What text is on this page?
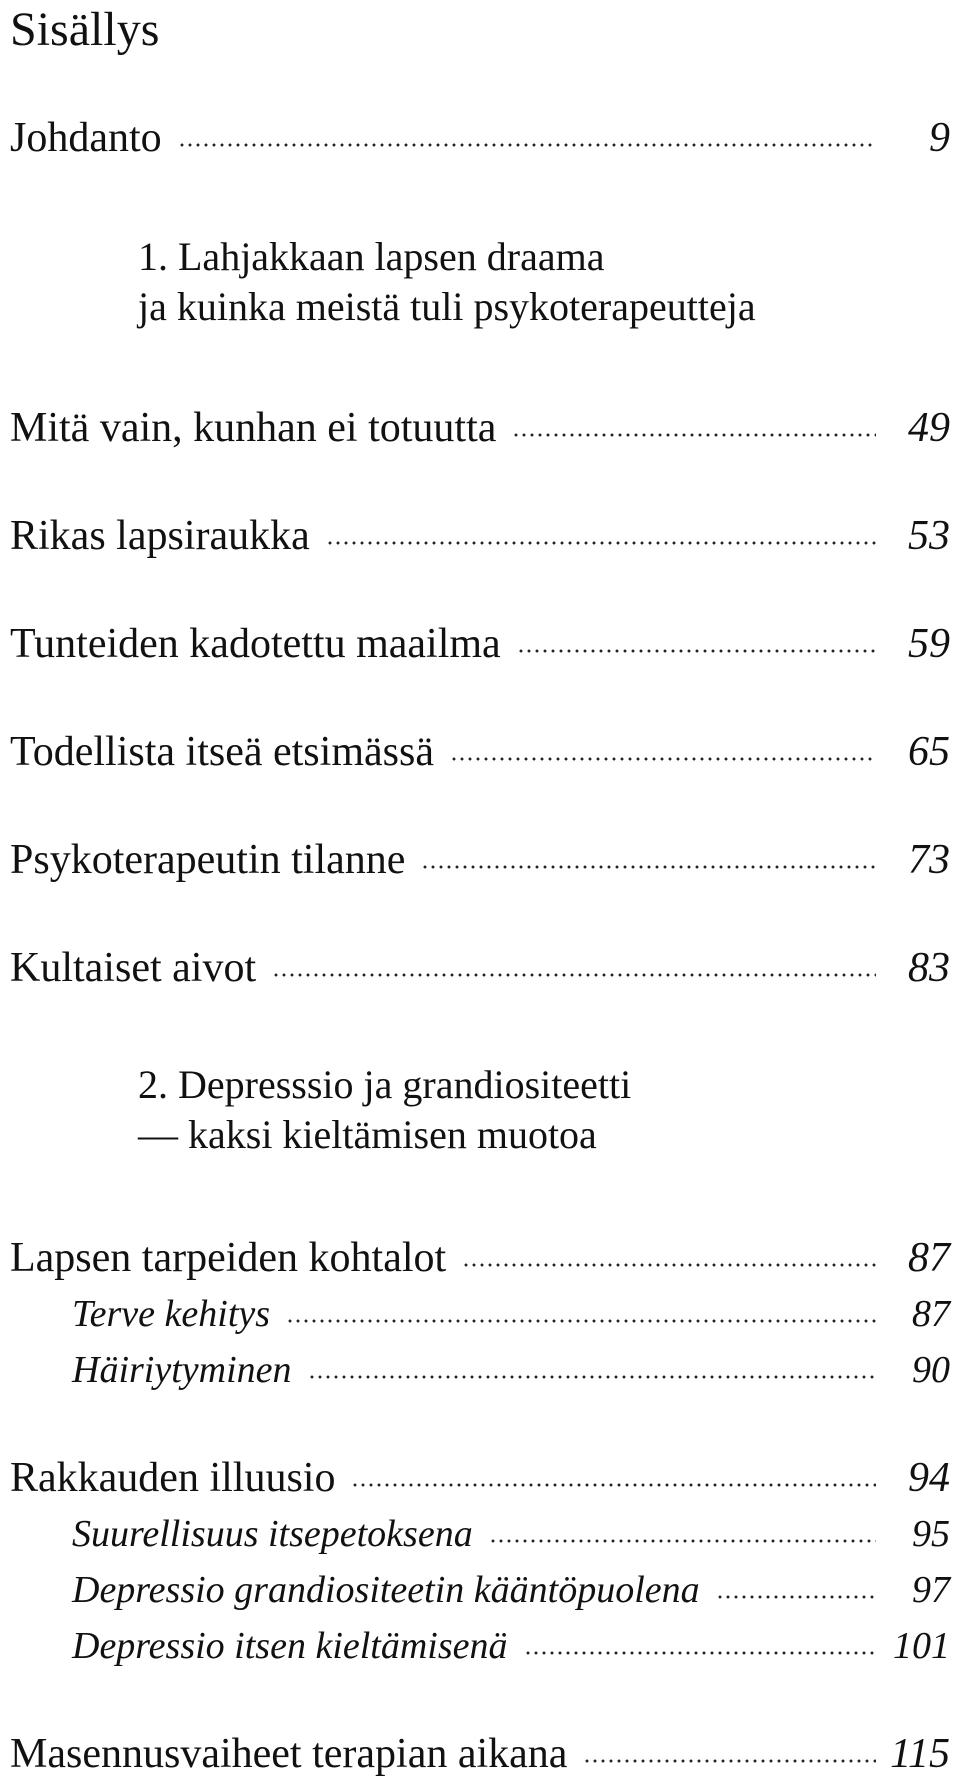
Sisällys
Johdanto	9
1. Lahjakkaan lapsen draama
ja kuinka meistä tuli psykoterapeutteja
Mitä vain, kunhan ei totuutta	49
Rikas lapsiraukka	53
Tunteiden kadotettu maailma	59
Todellista itseä etsimässä	65
Psykoterapeutin tilanne	73
Kultaiset aivot	83
2. Depresssio ja grandiositeetti
— kaksi kieltämisen muotoa
Lapsen tarpeiden kohtalot	87
Terve kehitys	87
Häiriytyminen	90
Rakkauden illuusio	94
Suurellisuus itsepetoksena	95
Depressio grandiositeetin kääntöpuolena	97
Depressio itsen kieltämisenä	101
Masennusvaiheet terapian aikana	115
